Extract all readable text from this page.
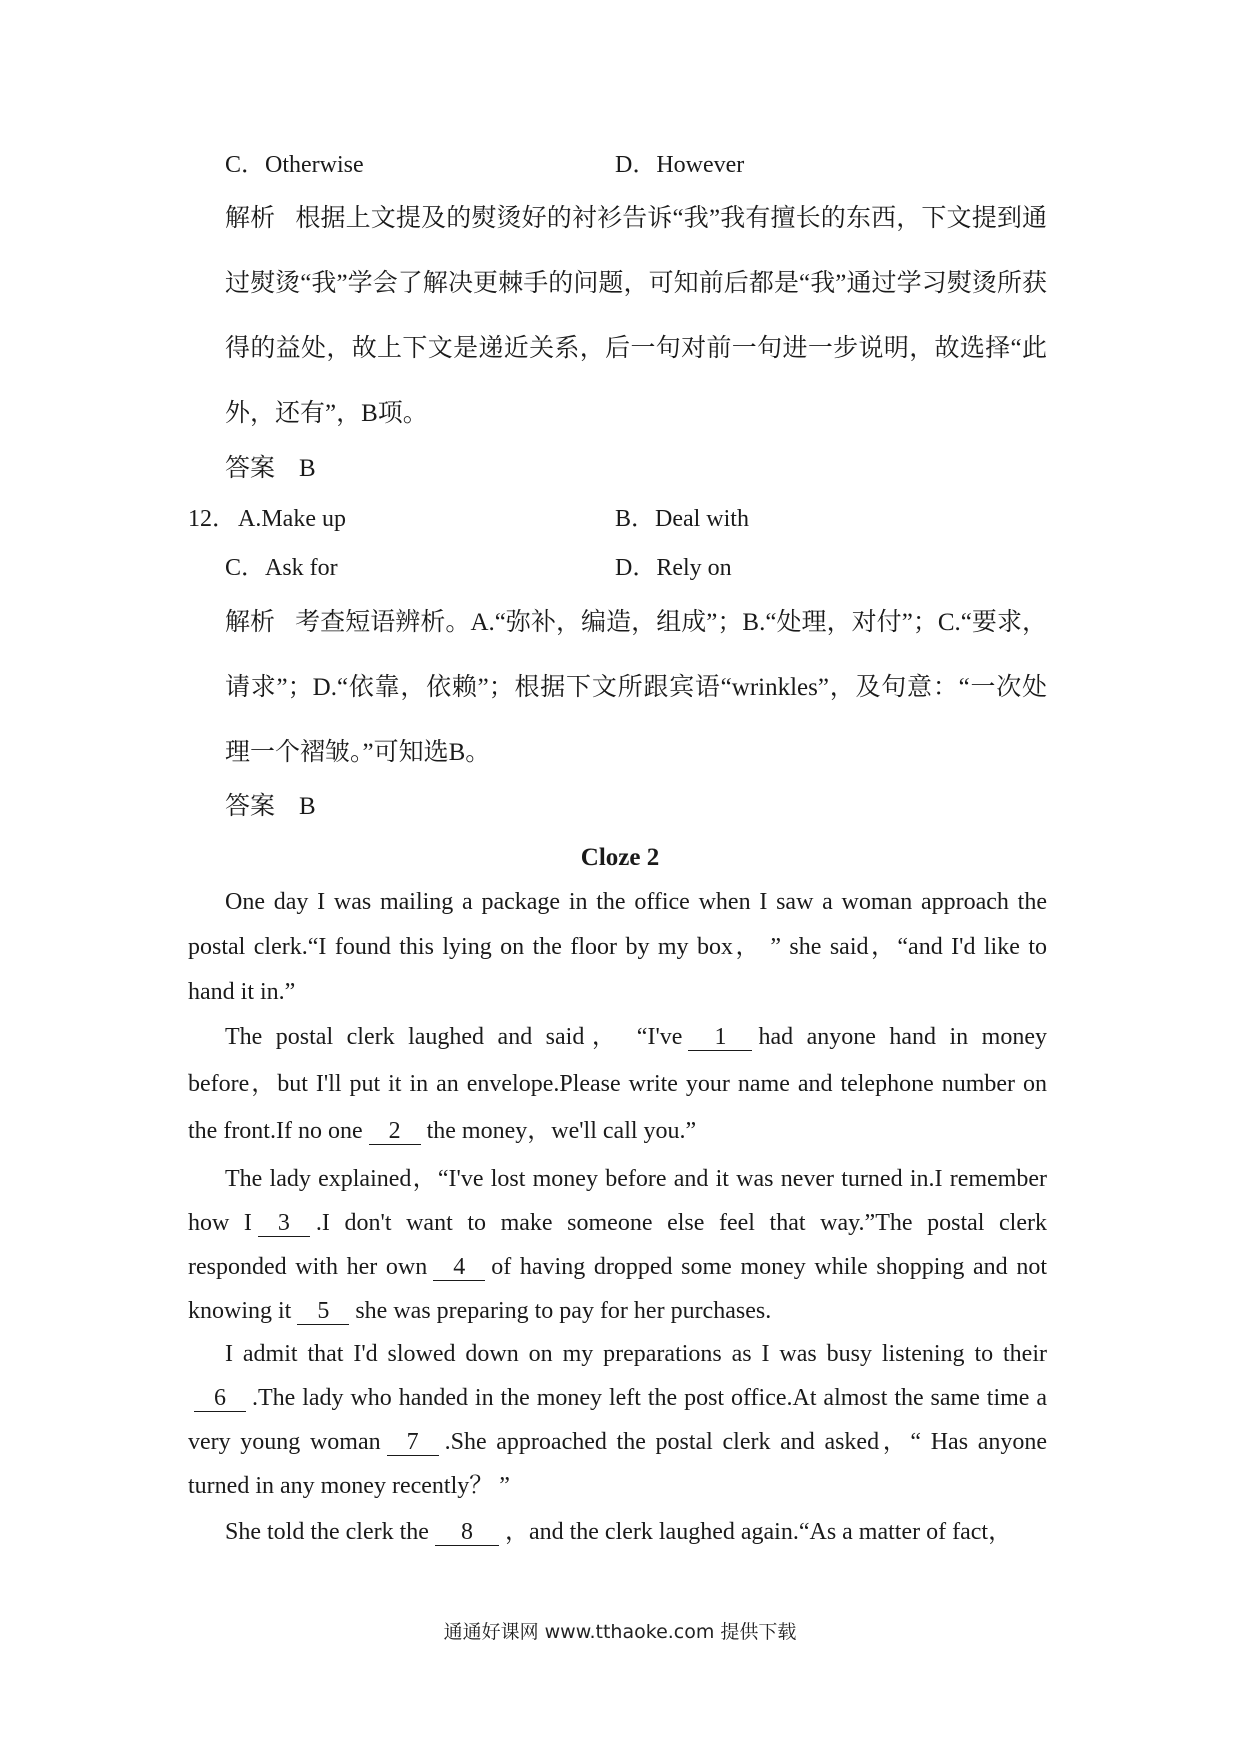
C．Otherwise	D．However
解析 根据上文提及的熨烫好的衬衫告诉“我”我有擅长的东西，下文提到通过熨烫“我”学会了解决更棘手的问题，可知前后都是“我”通过学习熨烫所获得的益处，故上下文是递近关系，后一句对前一句进一步说明，故选择“此外，还有”，B项。
答案 B
12． A.Make up	B．Deal with
C．Ask for	D．Rely on
解析 考查短语辨析。A.“弥补，编造，组成”；B.“处理，对付”；C.“要求，请求”；D.“依靠，依赖”；根据下文所跟宾语“wrinkles”，及句意：“一次处理一个褶皱。”可知选B。
答案 B
Cloze 2
One day I was mailing a package in the office when I saw a woman approach the postal clerk.“I found this lying on the floor by my box， ” she said，“and I'd like to hand it in.”
The postal clerk laughed and said， “I've 1 had anyone hand in money before，but I'll put it in an envelope.Please write your name and telephone number on the front.If no one 2 the money，we'll call you.”
The lady explained，“I've lost money before and it was never turned in.I remember how I 3 .I don't want to make someone else feel that way.”The postal clerk responded with her own 4 of having dropped some money while shopping and not knowing it 5 she was preparing to pay for her purchases.
I admit that I'd slowed down on my preparations as I was busy listening to their6 .The lady who handed in the money left the post office.At almost the same time a very young woman 7 .She approached the postal clerk and asked，“ Has anyone turned in any money recently？ ”
She told the clerk the 8 ，and the clerk laughed again.“As a matter of fact，
通通好课网 www.tthaoke.com 提供下载
